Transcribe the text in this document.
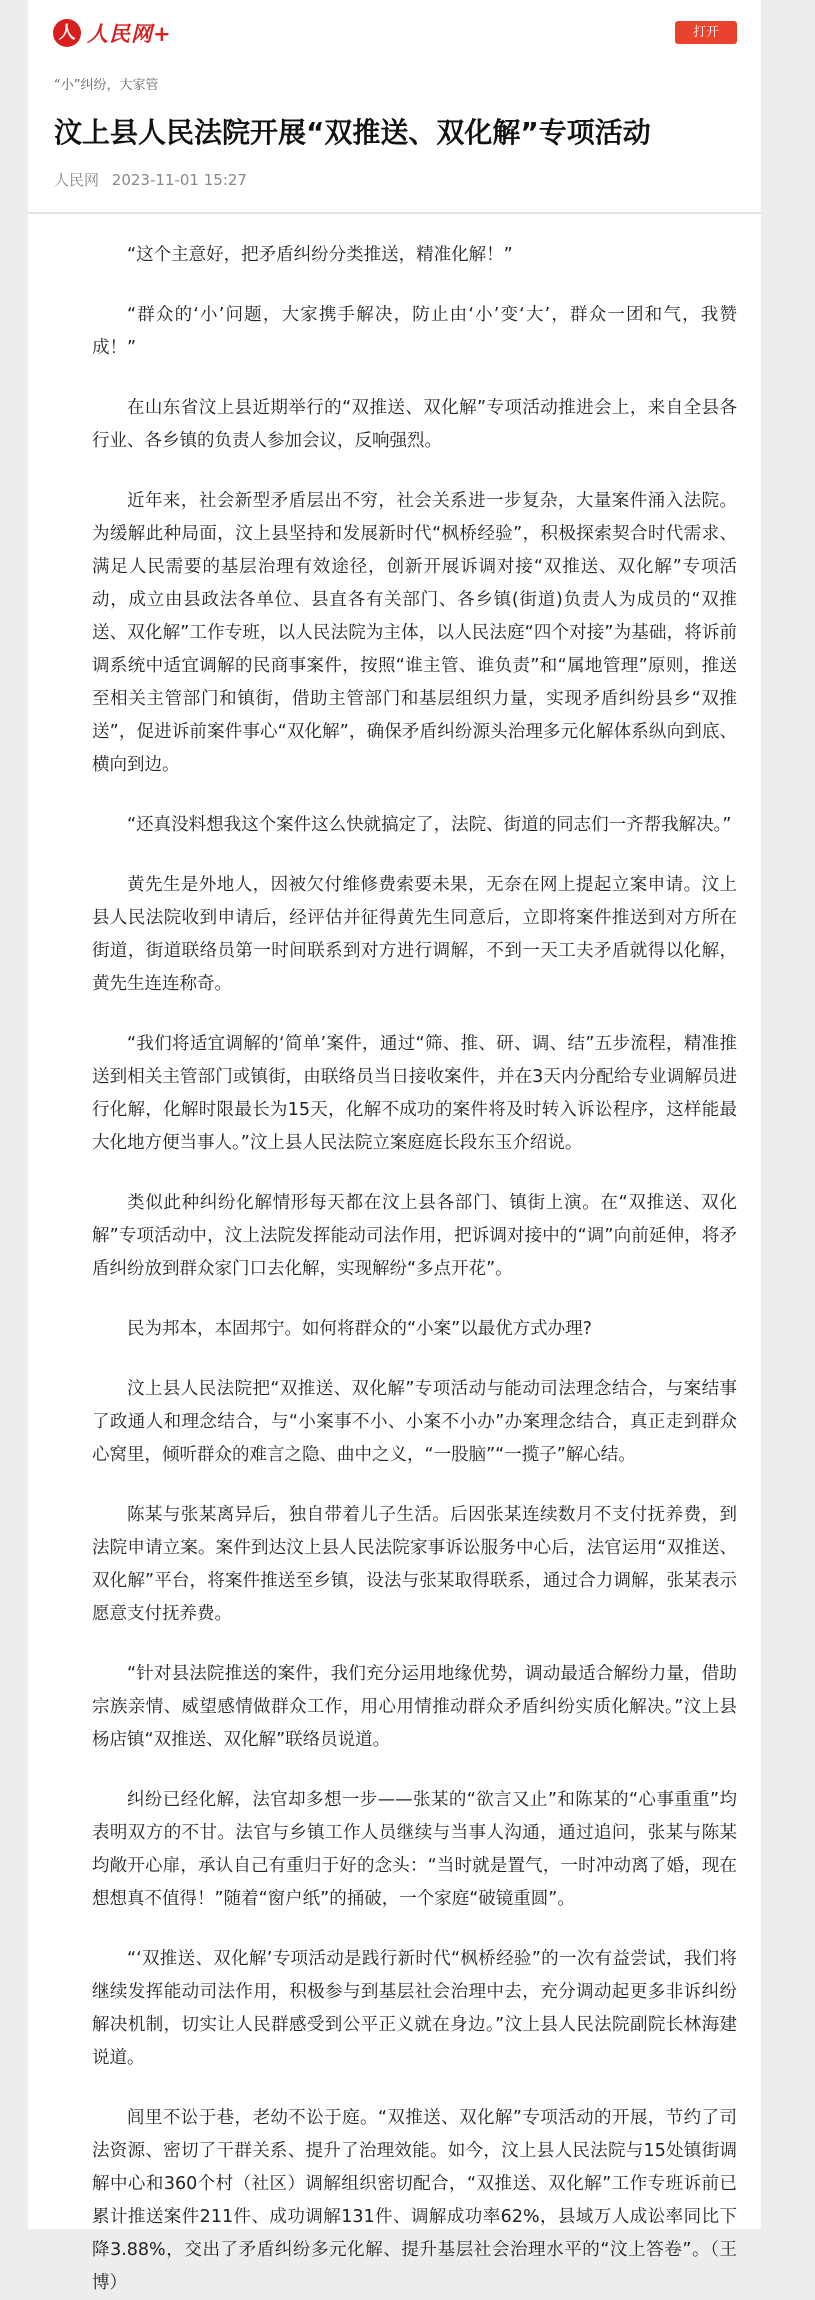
人 人民网+	打开
“小”纠纷，大家管
汶上县人民法院开展“双推送、双化解”专项活动
人民网 2023-11-01 15:27

“这个主意好，把矛盾纠纷分类推送，精准化解！”

“群众的‘小’问题，大家携手解决，防止由‘小’变‘大’，群众一团和气，我赞成！”

在山东省汶上县近期举行的“双推送、双化解”专项活动推进会上，来自全县各行业、各乡镇的负责人参加会议，反响强烈。

近年来，社会新型矛盾层出不穷，社会关系进一步复杂，大量案件涌入法院。为缓解此种局面，汶上县坚持和发展新时代“枫桥经验”，积极探索契合时代需求、满足人民需要的基层治理有效途径，创新开展诉调对接“双推送、双化解”专项活动，成立由县政法各单位、县直各有关部门、各乡镇(街道)负责人为成员的“双推送、双化解”工作专班，以人民法院为主体，以人民法庭“四个对接”为基础，将诉前调系统中适宜调解的民商事案件，按照“谁主管、谁负责”和“属地管理”原则，推送至相关主管部门和镇街，借助主管部门和基层组织力量，实现矛盾纠纷县乡“双推送”，促进诉前案件事心“双化解”，确保矛盾纠纷源头治理多元化解体系纵向到底、横向到边。

“还真没料想我这个案件这么快就搞定了，法院、街道的同志们一齐帮我解决。”

黄先生是外地人，因被欠付维修费索要未果，无奈在网上提起立案申请。汶上县人民法院收到申请后，经评估并征得黄先生同意后，立即将案件推送到对方所在街道，街道联络员第一时间联系到对方进行调解，不到一天工夫矛盾就得以化解，黄先生连连称奇。

“我们将适宜调解的‘简单’案件，通过“筛、推、研、调、结”五步流程，精准推送到相关主管部门或镇街，由联络员当日接收案件，并在3天内分配给专业调解员进行化解，化解时限最长为15天，化解不成功的案件将及时转入诉讼程序，这样能最大化地方便当事人。”汶上县人民法院立案庭庭长段东玉介绍说。

类似此种纠纷化解情形每天都在汶上县各部门、镇街上演。在“双推送、双化解”专项活动中，汶上法院发挥能动司法作用，把诉调对接中的“调”向前延伸，将矛盾纠纷放到群众家门口去化解，实现解纷“多点开花”。

民为邦本，本固邦宁。如何将群众的“小案”以最优方式办理?

汶上县人民法院把“双推送、双化解”专项活动与能动司法理念结合，与案结事了政通人和理念结合，与“小案事不小、小案不小办”办案理念结合，真正走到群众心窝里，倾听群众的难言之隐、曲中之义，“一股脑”“一揽子”解心结。

陈某与张某离异后，独自带着儿子生活。后因张某连续数月不支付抚养费，到法院申请立案。案件到达汶上县人民法院家事诉讼服务中心后，法官运用“双推送、双化解”平台，将案件推送至乡镇，设法与张某取得联系，通过合力调解，张某表示愿意支付抚养费。

“针对县法院推送的案件，我们充分运用地缘优势，调动最适合解纷力量，借助宗族亲情、威望感情做群众工作，用心用情推动群众矛盾纠纷实质化解决。”汶上县杨店镇“双推送、双化解”联络员说道。

纠纷已经化解，法官却多想一步——张某的“欲言又止”和陈某的“心事重重”均表明双方的不甘。法官与乡镇工作人员继续与当事人沟通，通过追问，张某与陈某均敞开心扉，承认自己有重归于好的念头：“当时就是置气，一时冲动离了婚，现在想想真不值得！”随着“窗户纸”的捅破，一个家庭“破镜重圆”。

“‘双推送、双化解’专项活动是践行新时代“枫桥经验”的一次有益尝试，我们将继续发挥能动司法作用，积极参与到基层社会治理中去，充分调动起更多非诉纠纷解决机制，切实让人民群感受到公平正义就在身边。”汶上县人民法院副院长林海建说道。

闾里不讼于巷，老幼不讼于庭。“双推送、双化解”专项活动的开展，节约了司法资源、密切了干群关系、提升了治理效能。如今，汶上县人民法院与15处镇街调解中心和360个村（社区）调解组织密切配合，“双推送、双化解”工作专班诉前已累计推送案件211件、成功调解131件、调解成功率62%，县域万人成讼率同比下降3.88%，交出了矛盾纠纷多元化解、提升基层社会治理水平的“汶上答卷”。（王博）
